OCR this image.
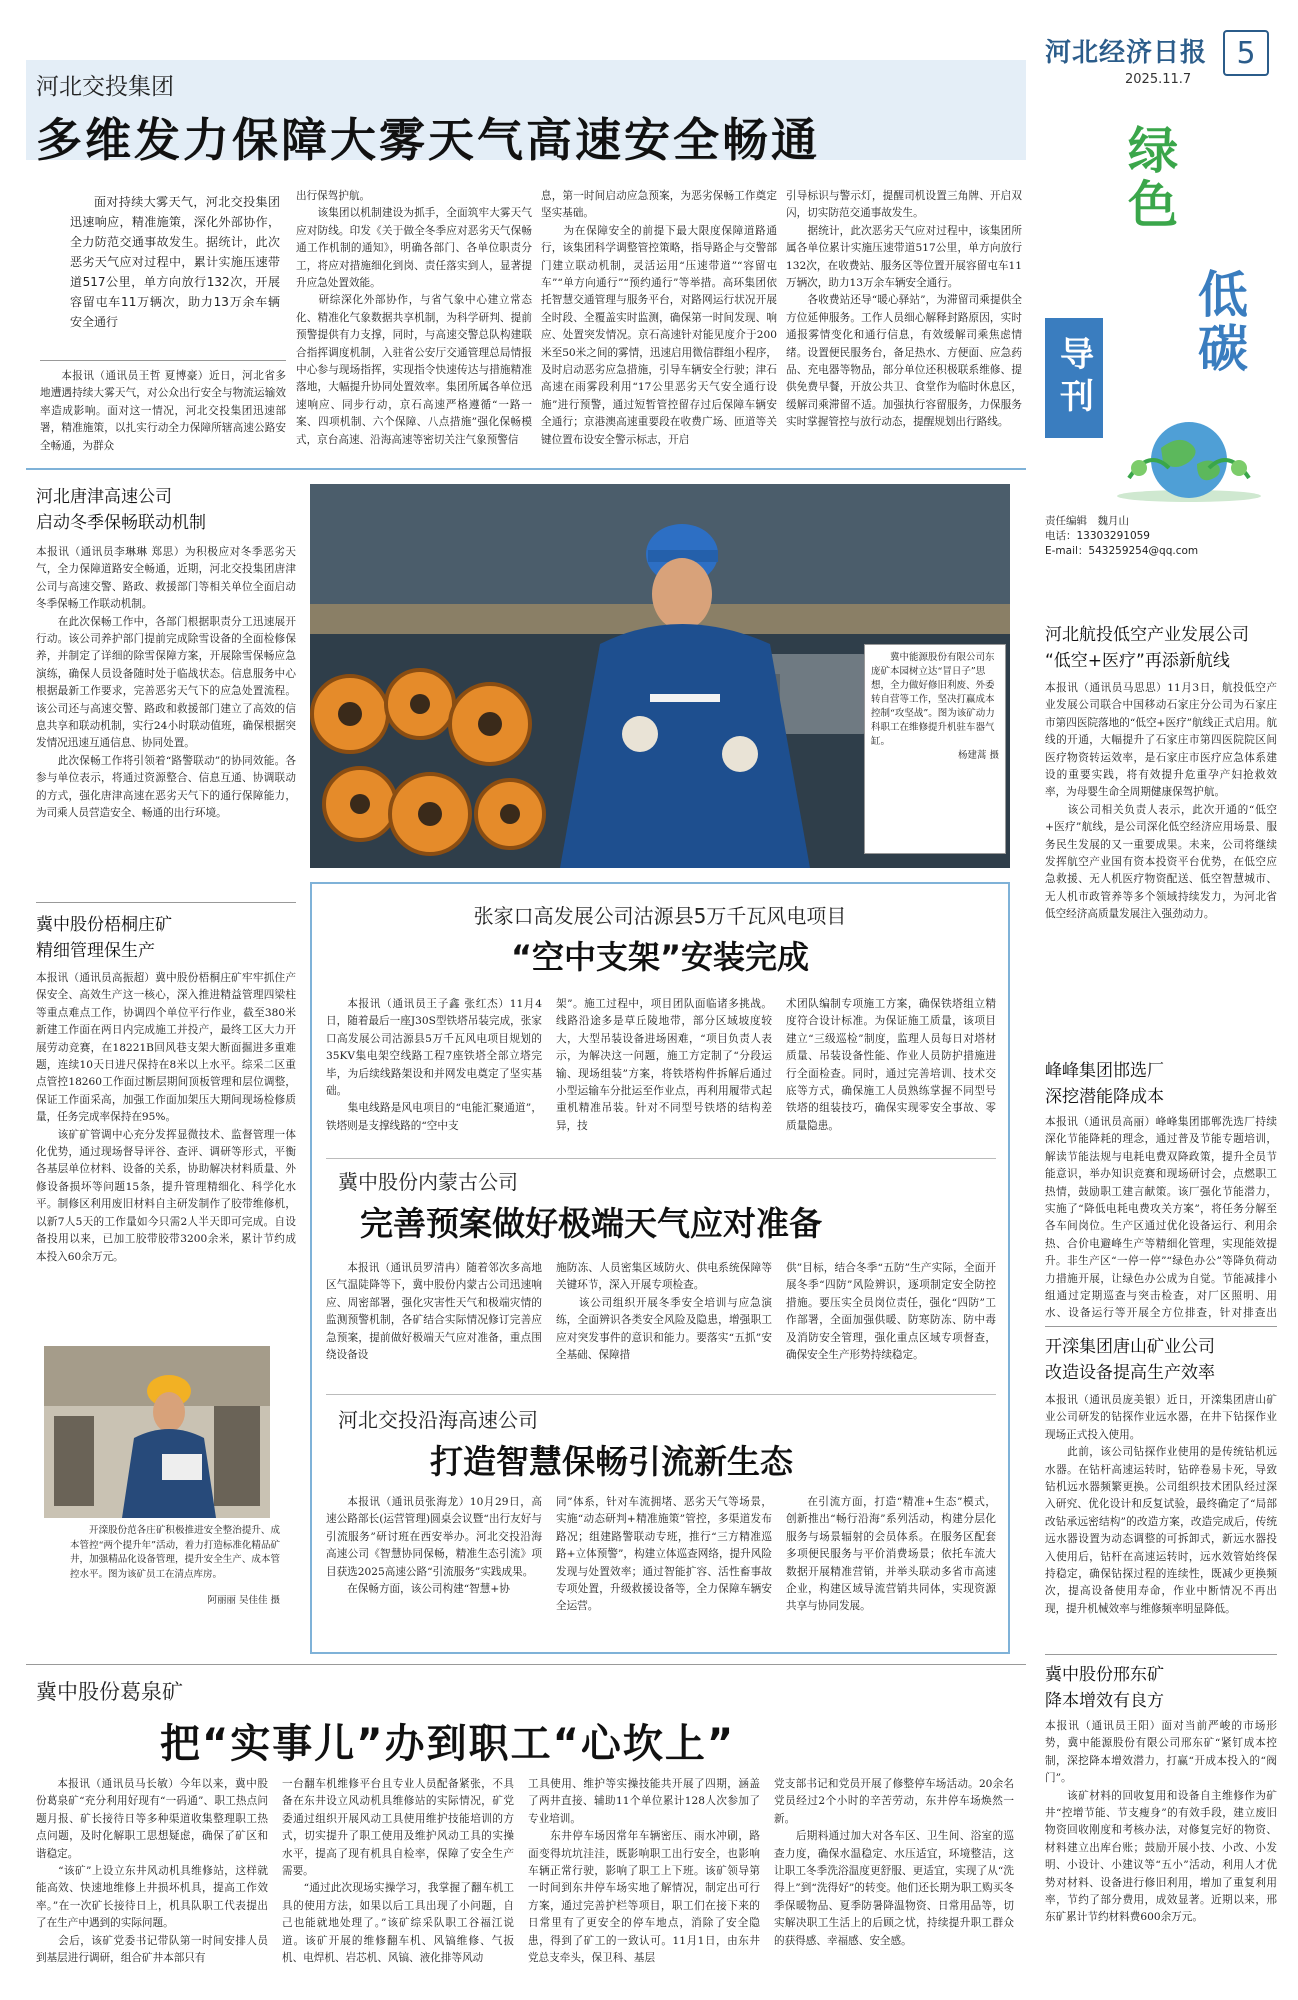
河北经济日报
2025.11.7
5
绿色
低碳
导刊
责任编辑　魏月山
电话：13303291059
E-mail：543259254@qq.com
河北交投集团
多维发力保障大雾天气高速安全畅通
面对持续大雾天气，河北交投集团迅速响应，精准施策，深化外部协作，全力防范交通事故发生。据统计，此次恶劣天气应对过程中，累计实施压速带道517公里，单方向放行132次，开展容留屯车11万辆次，助力13万余车辆安全通行
本报讯（通讯员王哲 夏博豪）近日，河北省多地遭遇持续大雾天气，对公众出行安全与物流运输效率造成影响。面对这一情况，河北交投集团迅速部署，精准施策，以扎实行动全力保障所辖高速公路安全畅通，为群众
出行保驾护航。
　　该集团以机制建设为抓手，全面筑牢大雾天气应对防线。印发《关于做全冬季应对恶劣天气保畅通工作机制的通知》，明确各部门、各单位职责分工，将应对措施细化到岗、责任落实到人，显著提升应急处置效能。
　　研综深化外部协作，与省气象中心建立常态化、精准化气象数据共享机制，为科学研判、提前预警提供有力支撑，同时，与高速交警总队构建联合指挥调度机制，入驻省公安厅交通管理总局情报中心参与现场指挥，实现指令快速传达与措施精准落地，大幅提升协同处置效率。集团所属各单位迅速响应、同步行动，京石高速严格遵循“一路一案、四项机制、六个保障、八点措施”强化保畅模式，京台高速、沿海高速等密切关注气象预警信
息，第一时间启动应急预案，为恶劣保畅工作奠定坚实基础。
　　为在保障安全的前提下最大限度保障道路通行，该集团科学调整管控策略，指导路企与交警部门建立联动机制，灵活运用“压速带道”“容留屯车”“单方向通行”“预约通行”等举措。高环集团依托智慧交通管理与服务平台，对路网运行状况开展全时段、全覆盖实时监测，确保第一时间发现、响应、处置突发情况。京石高速针对能见度介于200米至50米之间的雾情，迅速启用微信群组小程序，及时启动恶劣应急措施，引导车辆安全行驶；津石高速在雨雾段利用“17公里恶劣天气安全通行设施”进行预警，通过短暂管控留存过后保障车辆安全通行；京港澳高速重要段在收费广场、匝道等关键位置布设安全警示标志，开启
引导标识与警示灯，提醒司机设置三角牌、开启双闪，切实防范交通事故发生。
　　据统计，此次恶劣天气应对过程中，该集团所属各单位累计实施压速带道517公里，单方向放行132次，在收费站、服务区等位置开展容留屯车11万辆次，助力13万余车辆安全通行。
　　各收费站还导“暖心驿站”，为滞留司乘提供全方位延伸服务。工作人员细心解释封路原因，实时通报雾情变化和通行信息，有效缓解司乘焦虑情绪。设置便民服务台，备足热水、方便面、应急药品、充电器等物品，部分单位还积极联系维修、提供免费早餐，开放公共卫、食堂作为临时休息区，缓解司乘滞留不适。加强执行容留服务，力保服务实时掌握管控与放行动态，提醒规划出行路线。
冀中能源股份有限公司东庞矿本园树立达“冒日子”思想，全力做好修旧利废、外委转自营等工作，坚决打赢成本控制“攻坚战”。图为该矿动力科职工在维修提升机驻车器气缸。
杨建蒿 摄
河北唐津高速公司
启动冬季保畅联动机制
本报讯（通讯员李琳琳 郑思）为积极应对冬季恶劣天气，全力保障道路安全畅通，近期，河北交投集团唐津公司与高速交警、路政、救援部门等相关单位全面启动冬季保畅工作联动机制。
　　在此次保畅工作中，各部门根据职责分工迅速展开行动。该公司养护部门提前完成除雪设备的全面检修保养，并制定了详细的除雪保障方案，开展除雪保畅应急演练，确保人员设备随时处于临战状态。信息服务中心根据最新工作要求，完善恶劣天气下的应急处置流程。该公司还与高速交警、路政和救援部门建立了高效的信息共享和联动机制，实行24小时联动值班，确保根据突发情况迅速互通信息、协同处置。
　　此次保畅工作将引领着“路警联动”的协同效能。各参与单位表示，将通过资源整合、信息互通、协调联动的方式，强化唐津高速在恶劣天气下的通行保障能力，为司乘人员营造安全、畅通的出行环境。
冀中股份梧桐庄矿
精细管理保生产
本报讯（通讯员高振超）冀中股份梧桐庄矿牢牢抓住产保安全、高效生产这一核心，深入推进精益管理四梁柱等重点难点工作，协调四个单位平行作业，截至380米新建工作面在两日内完成施工并投产，最终工区大力开展劳动竞赛，在18221B回风巷支架大断面掘进多重难题，连续10天日进尺保持在8米以上水平。综采二区重点管控18260工作面过断层期间顶板管理和层位调整，保证工作面采高，加强工作面加架压大期间现场检修质量，任务完成率保持在95%。
　　该矿矿管调中心充分发挥显微技术、监督管理一体化优势，通过现场督导评谷、查评、调研等形式，平衡各基层单位材料、设备的关系，协助解决材料质量、外修设备损坏等问题15条，提升管理精细化、科学化水平。制修区利用废旧材料自主研发制作了胶带维修机，以新7人5天的工作量如今只需2人半天即可完成。自设备投用以来，已加工胶带胶带3200余米，累计节约成本投入60余万元。
开滦股份范各庄矿积极推进安全整治提升、成本管控“两个提升年”活动，着力打造标准化精品矿井，加强精品化设备管理，提升安全生产、成本管控水平。图为该矿员工在清点库房。
阿丽丽 吴佳佳 摄
张家口高发展公司沽源县5万千瓦风电项目
“空中支架”安装完成
本报讯（通讯员王子鑫 张红杰）11月4日，随着最后一座J30S型铁塔吊装完成，张家口高发展公司沽源县5万千瓦风电项目规划的35KV集电架空线路工程7座铁塔全部立塔完毕，为后续线路架设和并网发电奠定了坚实基础。
　　集电线路是风电项目的“电能汇聚通道”，铁塔则是支撑线路的“空中支
架”。施工过程中，项目团队面临诸多挑战。线路沿途多是草丘陵地带，部分区域坡度较大，大型吊装设备进场困难，“项目负责人表示，为解决这一问题，施工方定制了“分段运输、现场组装”方案，将铁塔构件拆解后通过小型运输车分批运至作业点，再利用履带式起重机精准吊装。针对不同型号铁塔的结构差异，技
术团队编制专项施工方案，确保铁塔组立精度符合设计标准。为保证施工质量，该项目建立“三级巡检”制度，监理人员每日对塔材质量、吊装设备性能、作业人员防护措施进行全面检查。同时，通过完善培训、技术交底等方式，确保施工人员熟练掌握不同型号铁塔的组装技巧，确保实现零安全事故、零质量隐患。
冀中股份内蒙古公司
完善预案做好极端天气应对准备
本报讯（通讯员罗清冉）随着邻次多高地区气温陡降等下，冀中股份内蒙古公司迅速响应、周密部署，强化灾害性天气和极端灾情的监测预警机制，各矿结合实际情况修订完善应急预案，提前做好极端天气应对准备，重点围绕设备设
施防冻、人员密集区域防火、供电系统保障等关键环节，深入开展专项检查。
　　该公司组织开展冬季安全培训与应急演练，全面辨识各类安全风险及隐患，增强职工应对突发事件的意识和能力。要落实“五抓”安全基础、保障措
供”目标，结合冬季“五防”生产实际，全面开展冬季“四防”风险辨识，逐项制定安全防控措施。要压实全员岗位责任，强化“四防”工作部署，全面加强供暖、防寒防冻、防中毒及消防安全管理，强化重点区域专项督查，确保安全生产形势持续稳定。
河北交投沿海高速公司
打造智慧保畅引流新生态
本报讯（通讯员张海龙）10月29日，高速公路部长(运营管理)圆桌会议暨“出行友好与引流服务”研讨班在西安举办。河北交投沿海高速公司《智慧协同保畅，精准生态引流》项目获选2025高速公路“引流服务”实践成果。
　　在保畅方面，该公司构建“智慧+协
同”体系，针对车流拥堵、恶劣天气等场景，实施“动态研判+精准施策”管控，多渠道发布路况；组建路警联动专班，推行“三方精准巡路+立体预警”，构建立体巡查网络，提升风险发现与处置效率；通过智能扩容、活性畜事故专项处置，升级救援设备等，全力保障车辆安全运营。
在引流方面，打造“精准+生态”模式，创新推出“畅行沿海”系列活动，构建分层化服务与场景辐射的会员体系。在服务区配套多项便民服务与平价消费场景；依托车流大数据开展精准营销，并举头联动多省市高速企业，构建区域导流营销共同体，实现资源共享与协同发展。
河北航投低空产业发展公司
“低空+医疗”再添新航线
本报讯（通讯员马思思）11月3日，航投低空产业发展公司联合中国移动石家庄分公司为石家庄市第四医院落地的“低空+医疗”航线正式启用。航线的开通，大幅提升了石家庄市第四医院院区间医疗物资转运效率，是石家庄市医疗应急体系建设的重要实践，将有效提升危重孕产妇抢救效率，为母婴生命全周期健康保驾护航。
　　该公司相关负责人表示，此次开通的“低空+医疗”航线，是公司深化低空经济应用场景、服务民生发展的又一重要成果。未来，公司将继续发挥航空产业国有资本投资平台优势，在低空应急救援、无人机医疗物资配送、低空智慧城市、无人机市政管养等多个领域持续发力，为河北省低空经济高质量发展注入强劲动力。
峰峰集团邯选厂
深挖潜能降成本
本报讯（通讯员高丽）峰峰集团邯郸洗选厂持续深化节能降耗的理念，通过普及节能专题培训，解读节能法规与电耗电费双降政策，提升全员节能意识，举办知识竞赛和现场研讨会，点燃职工热情，鼓励职工建言献策。该厂强化节能潜力，实施了“降低电耗电费攻关方案”，将任务分解至各车间岗位。生产区通过优化设备运行、利用余热、合价电避峰生产等精细化管理，实现能效提升。非生产区“一停一停”“绿色办公”等降负荷动力措施开展，让绿色办公成为自觉。节能减排小组通过定期巡查与突击检查，对厂区照明、用水、设备运行等开展全方位排查，针对排查出
开滦集团唐山矿业公司
改造设备提高生产效率
本报讯（通讯员庞美银）近日，开滦集团唐山矿业公司研发的钻探作业远水器，在井下钻探作业现场正式投入使用。
　　此前，该公司钻探作业使用的是传统钻机远水器。在钻杆高速运转时，钻碎卷易卡死，导致钻机远水器频繁更换。公司组织技术团队经过深入研究、优化设计和反复试验，最终确定了“局部改钻承远密结构”的改造方案，改造完成后，传统远水器设置为动态调整的可拆卸式，新远水器投入使用后，钻杆在高速运转时，远水效管始终保持稳定，确保钻探过程的连续性，既减少更换频次，提高设备使用寿命，作业中断情况不再出现，提升机械效率与维修频率明显降低。
冀中股份邢东矿
降本增效有良方
本报讯（通讯员王阳）面对当前严峻的市场形势，冀中能源股份有限公司邢东矿“紧钉成本控制，深挖降本增效潜力，打赢“开成本投入的“阀门”。
　　该矿材料的回收复用和设备自主维修作为矿井“控增节能、节支瘦身”的有效手段，建立废旧物资回收刚度和考核办法，对修复完好的物资、材料建立出库台账；鼓励开展小技、小改、小发明、小设计、小建议等“五小”活动，利用人才优势对材料、设备进行修旧利用，增加了重复利用率，节约了部分费用，成效显著。近期以来，邢东矿累计节约材料费600余万元。
冀中股份葛泉矿
把“实事儿”办到职工“心坎上”
本报讯（通讯员马长敏）今年以来，冀中股份葛泉矿“充分利用好现有“一码通”、职工热点问题月报、矿长接待日等多种渠道收集整理职工热点问题，及时化解职工思想疑虑，确保了矿区和谐稳定。
　　“该矿”上设立东井风动机具维修站，这样就能高效、快速地维修上井损坏机具，提高工作效率。”在一次矿长接待日上，机具队职工代表提出了在生产中遇到的实际问题。
　　会后，该矿党委书记带队第一时间安排人员到基层进行调研，组合矿井本部只有
一台翻车机维修平台且专业人员配备紧张，不具备在东井设立风动机具维修站的实际情况，矿党委通过组织开展风动工具使用维护技能培训的方式，切实提升了职工使用及维护风动工具的实操水平，提高了现有机具自检率，保障了安全生产需要。
　　“通过此次现场实操学习，我掌握了翻车机工具的使用方法，如果以后工具出现了小问题，自己也能就地处理了。”该矿综采队职工谷福江说道。该矿开展的维修翻车机、风镐维修、气扳机、电焊机、岩芯机、风镐、液化排等风动
工具使用、维护等实操技能共开展了四期，涵盖了两井直接、辅助11个单位累计128人次参加了专业培训。
　　东井停车场因常年车辆密压、雨水冲刷，路面变得坑坑洼洼，既影响职工出行安全，也影响车辆正常行驶，影响了职工上下班。该矿领导第一时间到东井停车场实地了解情况，制定出可行方案，通过完善护栏等项目，职工们在接下来的日常里有了更安全的停车地点，消除了安全隐患，得到了矿工的一致认可。11月1日，由东井党总支牵头，保卫科、基层
党支部书记和党员开展了修整停车场活动。20余名党员经过2个小时的辛苦劳动，东井停车场焕然一新。
　　后期料通过加大对各车区、卫生间、浴室的巡查力度，确保水温稳定、水压适宜，环境整洁，这让职工冬季洗浴温度更舒服、更适宜，实现了从“洗得上”到“洗得好”的转变。他们还长期为职工购买冬季保暖物品、夏季防暑降温物资、日常用品等，切实解决职工生活上的后顾之忧，持续提升职工群众的获得感、幸福感、安全感。
